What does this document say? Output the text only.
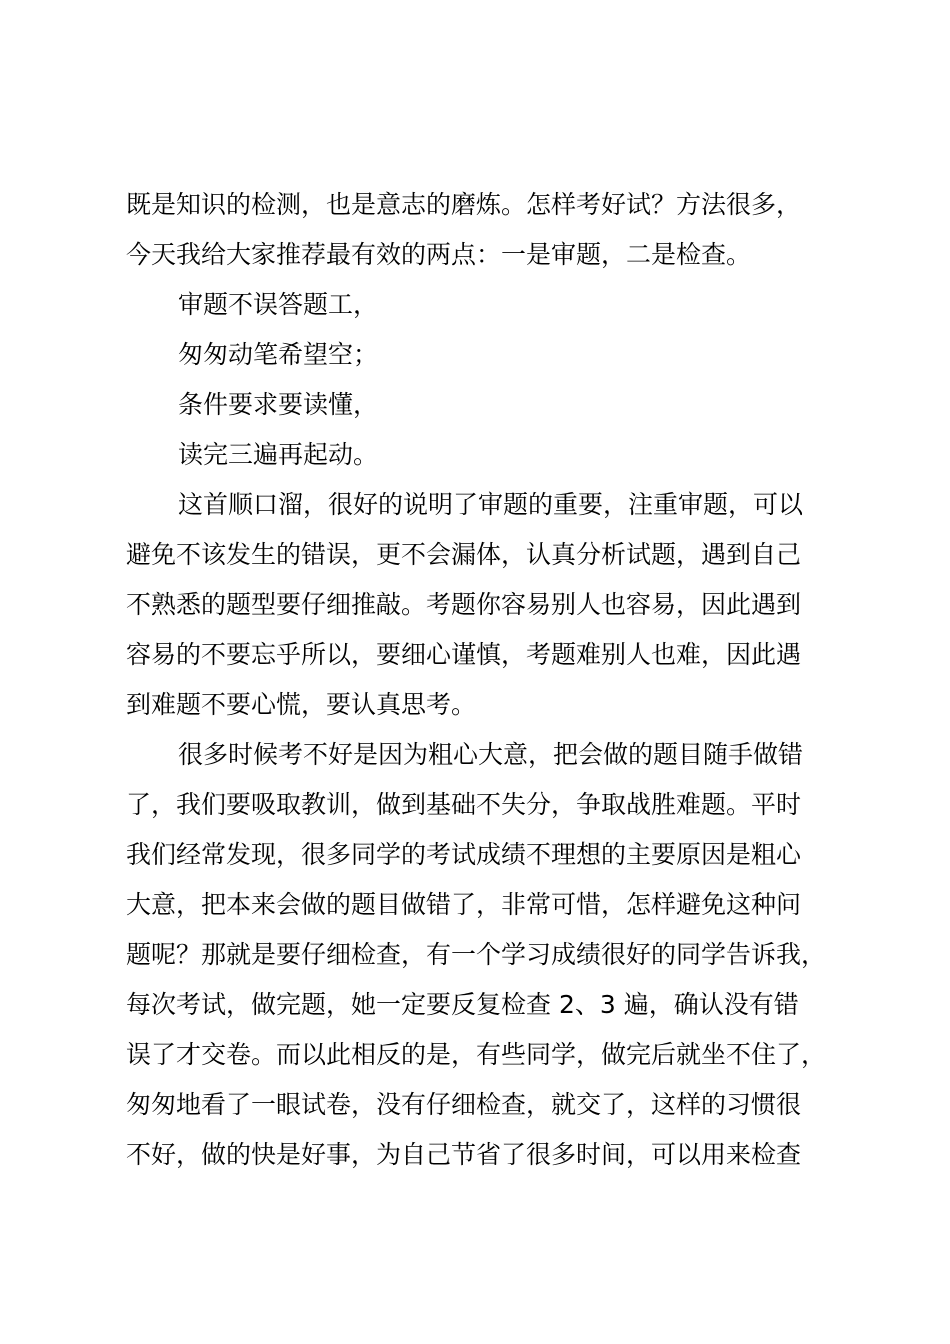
既是知识的检测，也是意志的磨炼。怎样考好试？方法很多，
今天我给大家推荐最有效的两点：一是审题，二是检查。
审题不误答题工，
匆匆动笔希望空；
条件要求要读懂，
读完三遍再起动。
这首顺口溜，很好的说明了审题的重要，注重审题，可以
避免不该发生的错误，更不会漏体，认真分析试题，遇到自己
不熟悉的题型要仔细推敲。考题你容易别人也容易，因此遇到
容易的不要忘乎所以，要细心谨慎，考题难别人也难，因此遇
到难题不要心慌，要认真思考。
很多时候考不好是因为粗心大意，把会做的题目随手做错
了，我们要吸取教训，做到基础不失分，争取战胜难题。平时
我们经常发现，很多同学的考试成绩不理想的主要原因是粗心
大意，把本来会做的题目做错了，非常可惜，怎样避免这种问
题呢？那就是要仔细检查，有一个学习成绩很好的同学告诉我，
每次考试，做完题，她一定要反复检查 2、3 遍，确认没有错
误了才交卷。而以此相反的是，有些同学，做完后就坐不住了，
匆匆地看了一眼试卷，没有仔细检查，就交了，这样的习惯很
不好，做的快是好事，为自己节省了很多时间，可以用来检查
